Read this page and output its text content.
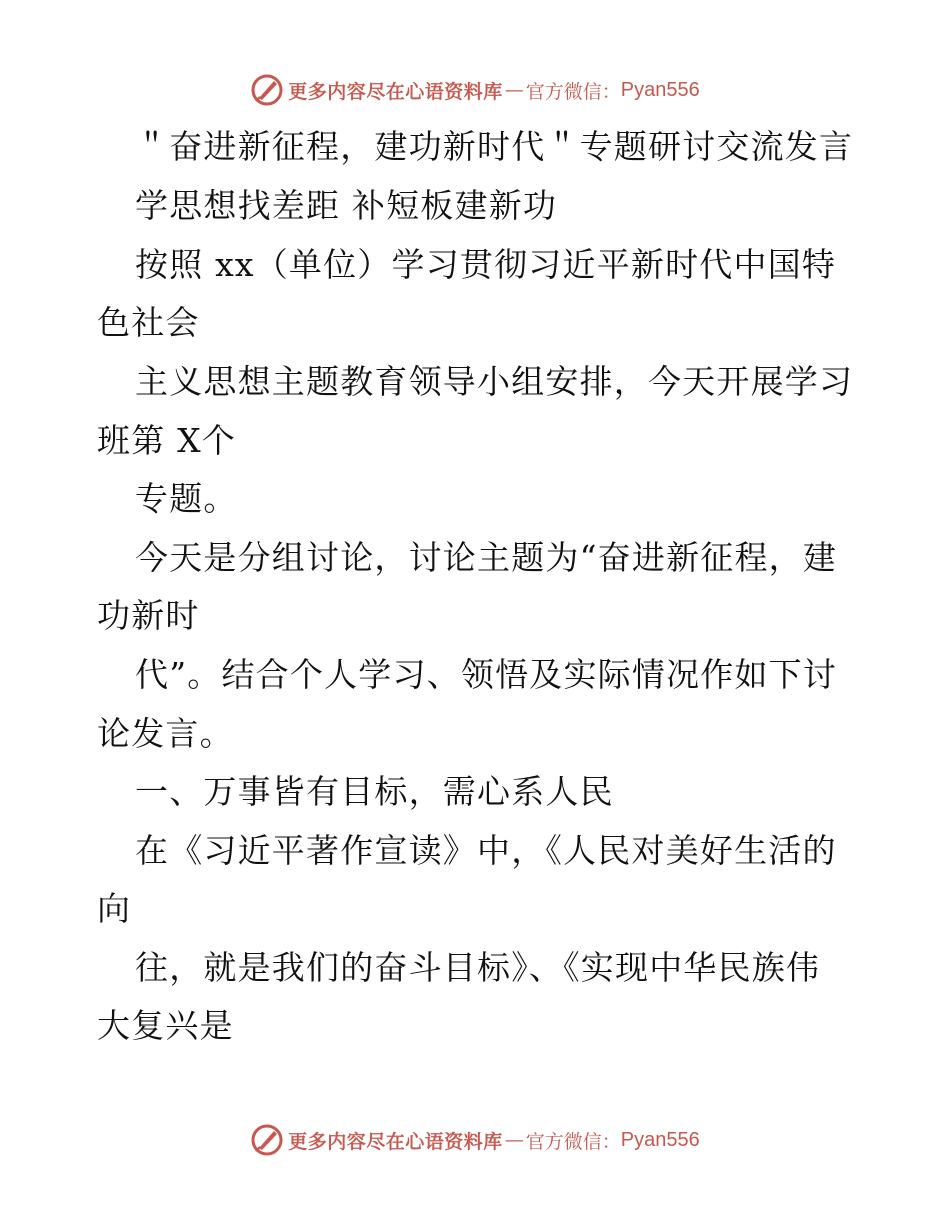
更多内容尽在心语资料库 — 官方微信： Pyan556
＂奋进新征程，建功新时代＂专题研讨交流发言
学思想找差距 补短板建新功
按照 xx（单位）学习贯彻习近平新时代中国特
色社会
主义思想主题教育领导小组安排，今天开展学习
班第 X个
专题。
今天是分组讨论，讨论主题为“奋进新征程，建
功新时
代”。结合个人学习、领悟及实际情况作如下讨
论发言。
一、万事皆有目标，需心系人民
在《习近平著作宣读》中，《人民对美好生活的
向
往，就是我们的奋斗目标》、《实现中华民族伟
大复兴是
更多内容尽在心语资料库 — 官方微信： Pyan556
